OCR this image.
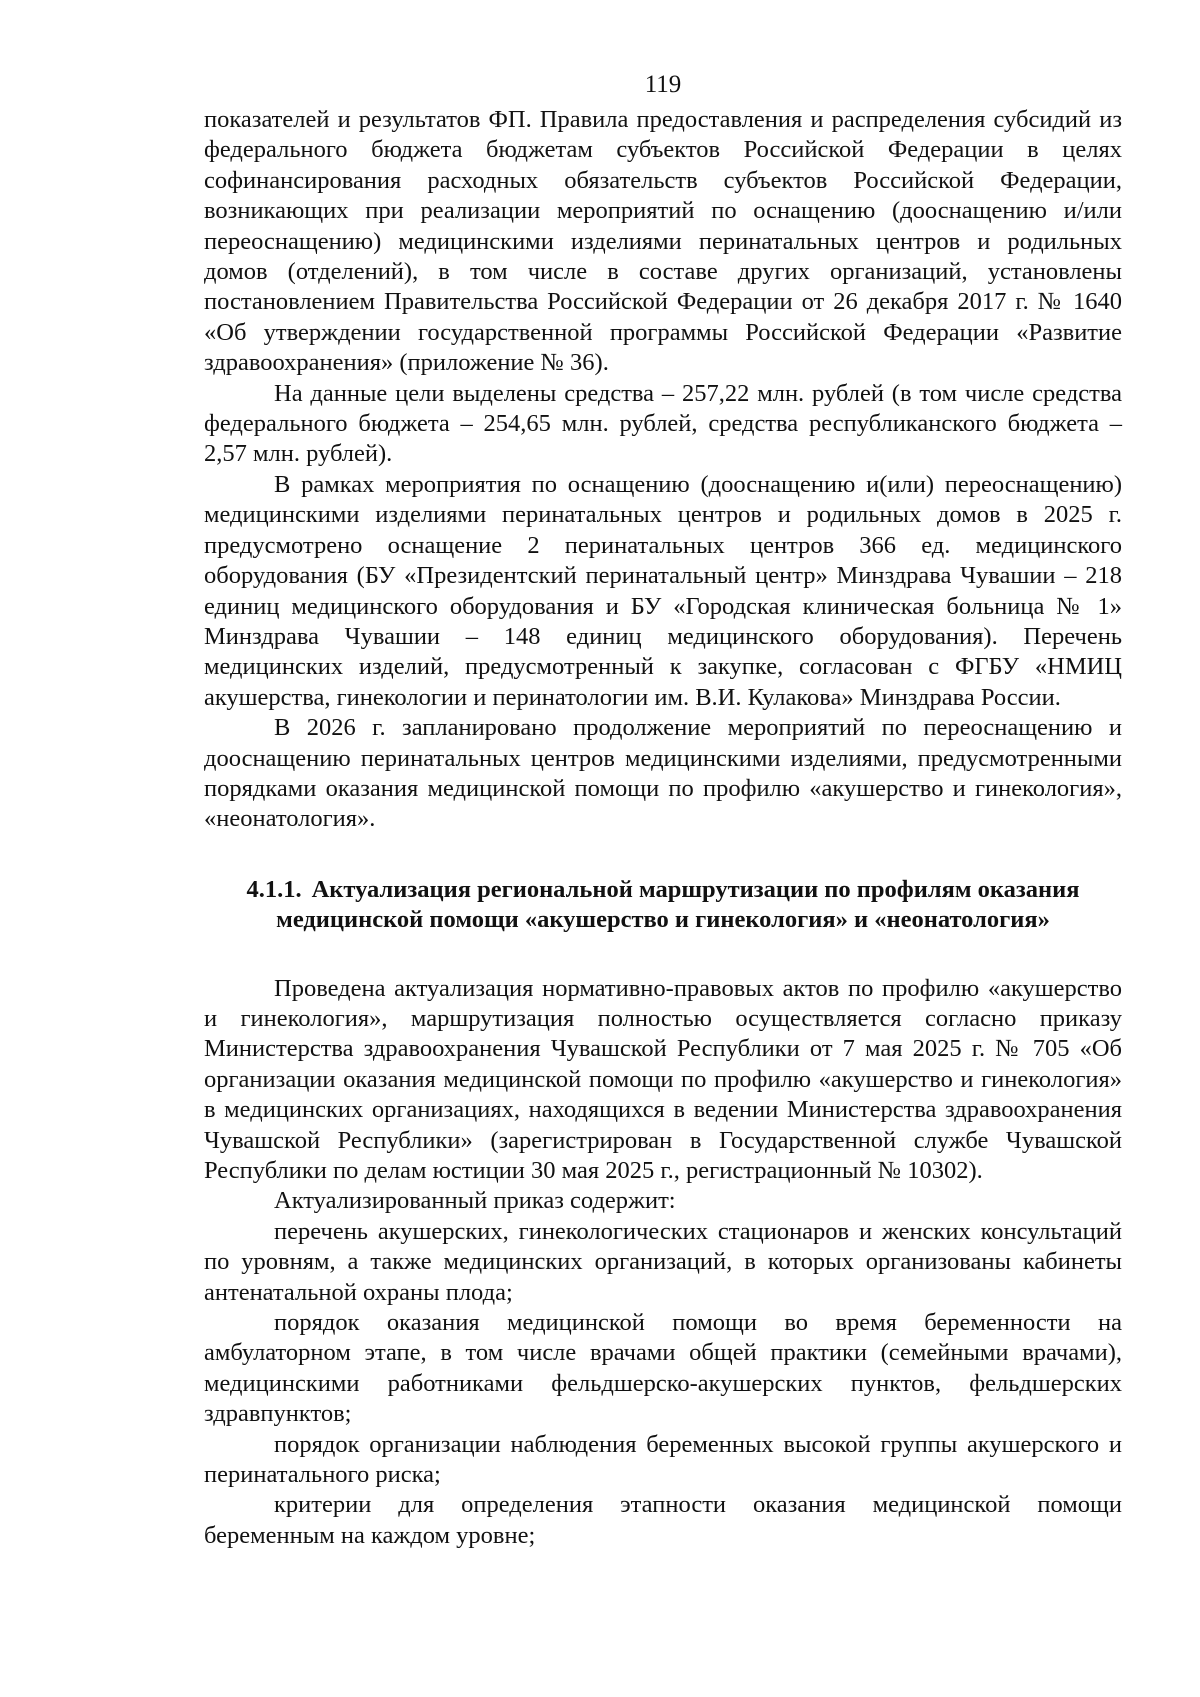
119

показателей и результатов ФП. Правила предоставления и распределения субсидий из федерального бюджета бюджетам субъектов Российской Федерации в целях софинансирования расходных обязательств субъектов Российской Федерации, возникающих при реализации мероприятий по оснащению (дооснащению и/или переоснащению) медицинскими изделиями перинатальных центров и родильных домов (отделений), в том числе в составе других организаций, установлены постановлением Правительства Российской Федерации от 26 декабря 2017 г. № 1640 «Об утверждении государственной программы Российской Федерации «Развитие здравоохранения» (приложение № 36).

На данные цели выделены средства – 257,22 млн. рублей (в том числе средства федерального бюджета – 254,65 млн. рублей, средства республиканского бюджета – 2,57 млн. рублей).

В рамках мероприятия по оснащению (дооснащению и(или) переоснащению) медицинскими изделиями перинатальных центров и родильных домов в 2025 г. предусмотрено оснащение 2 перинатальных центров 366 ед. медицинского оборудования (БУ «Президентский перинатальный центр» Минздрава Чувашии – 218 единиц медицинского оборудования и БУ «Городская клиническая больница № 1» Минздрава Чувашии – 148 единиц медицинского оборудования). Перечень медицинских изделий, предусмотренный к закупке, согласован с ФГБУ «НМИЦ акушерства, гинекологии и перинатологии им. В.И. Кулакова» Минздрава России.

В 2026 г. запланировано продолжение мероприятий по переоснащению и дооснащению перинатальных центров медицинскими изделиями, предусмотренными порядками оказания медицинской помощи по профилю «акушерство и гинекология», «неонатология».

4.1.1. Актуализация региональной маршрутизации по профилям оказания
медицинской помощи «акушерство и гинекология» и «неонатология»

Проведена актуализация нормативно-правовых актов по профилю «акушерство и гинекология», маршрутизация полностью осуществляется согласно приказу Министерства здравоохранения Чувашской Республики от 7 мая 2025 г. № 705 «Об организации оказания медицинской помощи по профилю «акушерство и гинекология» в медицинских организациях, находящихся в ведении Министерства здравоохранения Чувашской Республики» (зарегистрирован в Государственной службе Чувашской Республики по делам юстиции 30 мая 2025 г., регистрационный № 10302).

Актуализированный приказ содержит:

перечень акушерских, гинекологических стационаров и женских консультаций по уровням, а также медицинских организаций, в которых организованы кабинеты антенатальной охраны плода;

порядок оказания медицинской помощи во время беременности на амбулаторном этапе, в том числе врачами общей практики (семейными врачами), медицинскими работниками фельдшерско-акушерских пунктов, фельдшерских здравпунктов;

порядок организации наблюдения беременных высокой группы акушерского и перинатального риска;

критерии для определения этапности оказания медицинской помощи беременным на каждом уровне;
